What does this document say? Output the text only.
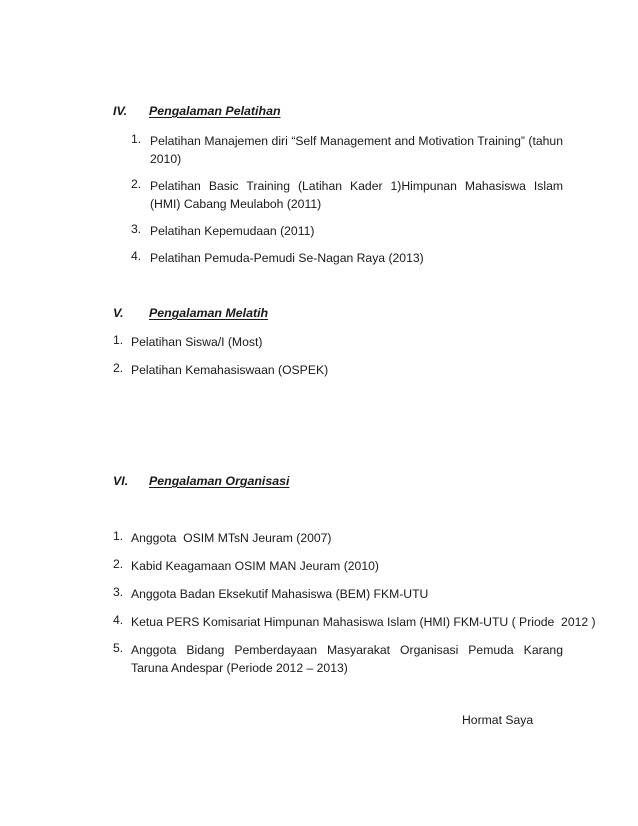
IV. Pengalaman Pelatihan
1. Pelatihan Manajemen diri “Self Management and Motivation Training” (tahun 2010)
2. Pelatihan Basic Training (Latihan Kader 1)Himpunan Mahasiswa Islam (HMI) Cabang Meulaboh (2011)
3. Pelatihan Kepemudaan (2011)
4. Pelatihan Pemuda-Pemudi Se-Nagan Raya (2013)
V. Pengalaman Melatih
1. Pelatihan Siswa/I (Most)
2. Pelatihan Kemahasiswaan (OSPEK)
VI. Pengalaman Organisasi
1. Anggota  OSIM MTsN Jeuram (2007)
2. Kabid Keagamaan OSIM MAN Jeuram (2010)
3. Anggota Badan Eksekutif Mahasiswa (BEM) FKM-UTU
4. Ketua PERS Komisariat Himpunan Mahasiswa Islam (HMI) FKM-UTU ( Priode  2012 )
5. Anggota Bidang Pemberdayaan Masyarakat Organisasi Pemuda Karang Taruna Andespar (Periode 2012 – 2013)
Hormat Saya
